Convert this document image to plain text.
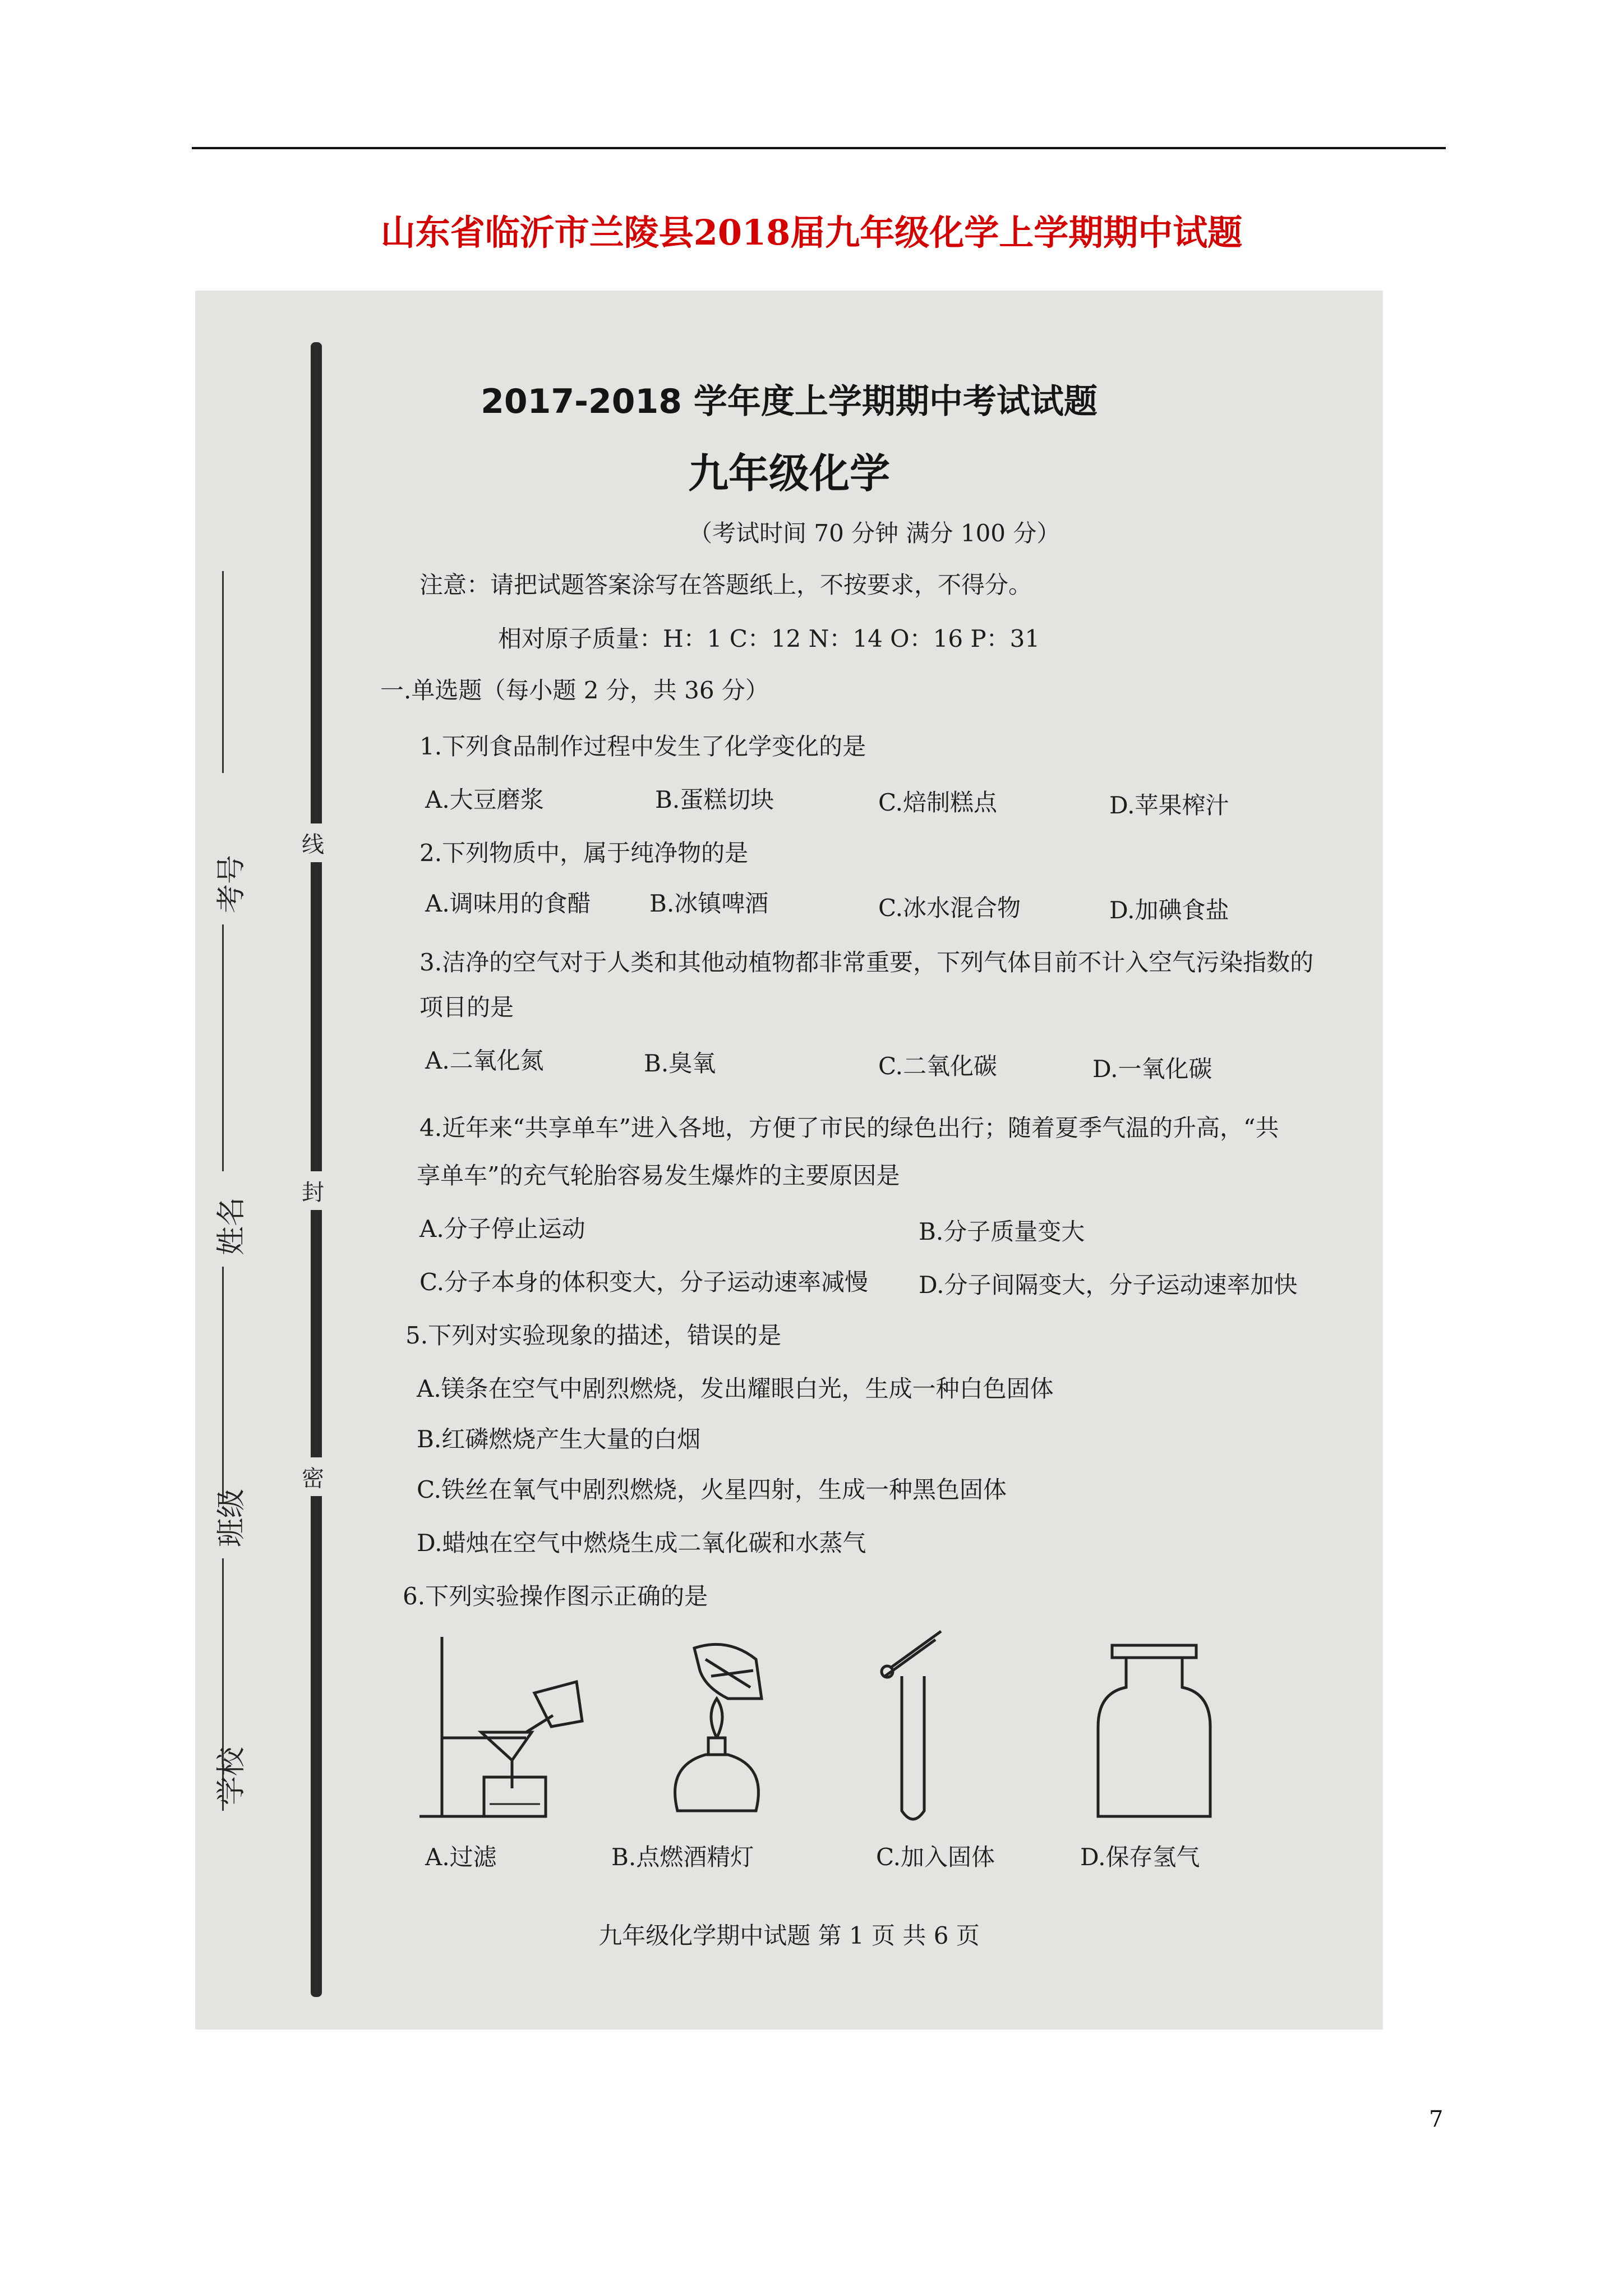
山东省临沂市兰陵县2018届九年级化学上学期期中试题
线
封
密
考号
姓名
班级
学校
2017-2018 学年度上学期期中考试试题
九年级化学
（考试时间 70 分钟 满分 100 分）
注意：请把试题答案涂写在答题纸上，不按要求，不得分。
相对原子质量：H：1 C：12 N：14 O：16 P：31
一.单选题（每小题 2 分，共 36 分）
1.下列食品制作过程中发生了化学变化的是
A.大豆磨浆	B.蛋糕切块	C.焙制糕点	D.苹果榨汁
2.下列物质中，属于纯净物的是
A.调味用的食醋 B.冰镇啤酒	C.冰水混合物	D.加碘食盐
3.洁净的空气对于人类和其他动植物都非常重要，下列气体目前不计入空气污染指数的
项目的是
A.二氧化氮	B.臭氧	C.二氧化碳	D.一氧化碳
4.近年来“共享单车”进入各地，方便了市民的绿色出行；随着夏季气温的升高，“共
享单车”的充气轮胎容易发生爆炸的主要原因是
A.分子停止运动	B.分子质量变大
C.分子本身的体积变大，分子运动速率减慢 D.分子间隔变大，分子运动速率加快
5.下列对实验现象的描述，错误的是
A.镁条在空气中剧烈燃烧，发出耀眼白光，生成一种白色固体
B.红磷燃烧产生大量的白烟
C.铁丝在氧气中剧烈燃烧，火星四射，生成一种黑色固体
D.蜡烛在空气中燃烧生成二氧化碳和水蒸气
6.下列实验操作图示正确的是
A.过滤	B.点燃酒精灯	C.加入固体	D.保存氢气
九年级化学期中试题 第 1 页 共 6 页
7
